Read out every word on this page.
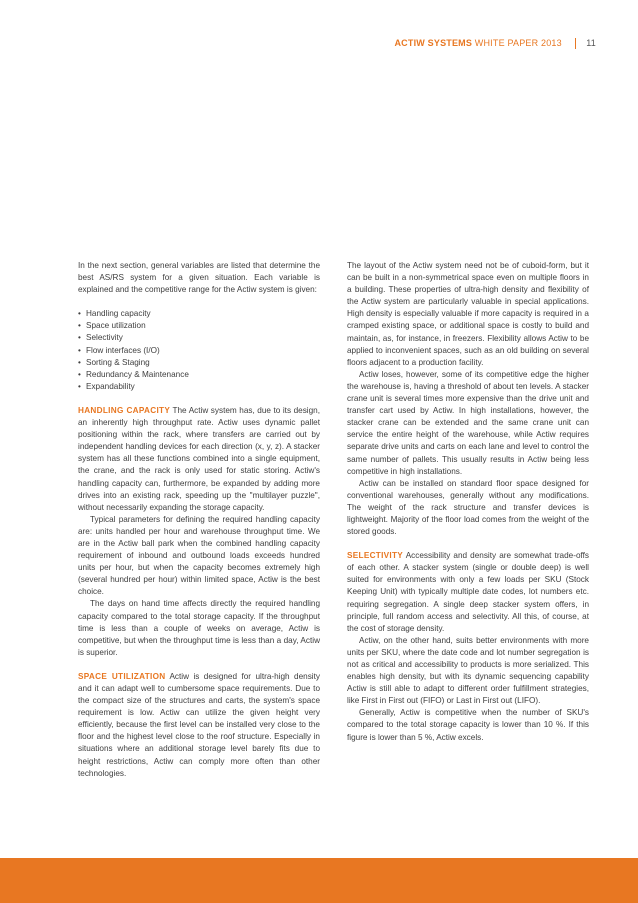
ACTIW SYSTEMS WHITE PAPER 2013	11

In the next section, general variables are listed that determine the best AS/RS system for a given situation. Each variable is explained and the competitive range for the Actiw system is given:

• Handling capacity
• Space utilization
• Selectivity
• Flow interfaces (I/O)
• Sorting & Staging
• Redundancy & Maintenance
• Expandability

HANDLING CAPACITY The Actiw system has, due to its design, an inherently high throughput rate. Actiw uses dynamic pallet positioning within the rack, where transfers are carried out by independent handling devices for each direction (x, y, z). A stacker system has all these functions combined into a single equipment, the crane, and the rack is only used for static storing. Actiw's handling capacity can, furthermore, be expanded by adding more drives into an existing rack, speeding up the "multilayer puzzle", without necessarily expanding the storage capacity.

Typical parameters for defining the required handling capacity are: units handled per hour and warehouse throughput time. We are in the Actiw ball park when the combined handling capacity requirement of inbound and outbound loads exceeds hundred units per hour, but when the capacity becomes extremely high (several hundred per hour) within limited space, Actiw is the best choice.

The days on hand time affects directly the required handling capacity compared to the total storage capacity. If the throughput time is less than a couple of weeks on average, Actiw is competitive, but when the throughput time is less than a day, Actiw is superior.

SPACE UTILIZATION Actiw is designed for ultra-high density and it can adapt well to cumbersome space requirements. Due to the compact size of the structures and carts, the system's space requirement is low. Actiw can utilize the given height very efficiently, because the first level can be installed very close to the floor and the highest level close to the roof structure. Especially in situations where an additional storage level barely fits due to height restrictions, Actiw can comply more often than other technologies.

The layout of the Actiw system need not be of cuboid-form, but it can be built in a non-symmetrical space even on multiple floors in a building. These properties of ultra-high density and flexibility of the Actiw system are particularly valuable in special applications. High density is especially valuable if more capacity is required in a cramped existing space, or additional space is costly to build and maintain, as, for instance, in freezers. Flexibility allows Actiw to be applied to inconvenient spaces, such as an old building on several floors adjacent to a production facility.

Actiw loses, however, some of its competitive edge the higher the warehouse is, having a threshold of about ten levels. A stacker crane unit is several times more expensive than the drive unit and transfer cart used by Actiw. In high installations, however, the stacker crane can be extended and the same crane unit can service the entire height of the warehouse, while Actiw requires separate drive units and carts on each lane and level to control the same number of pallets. This usually results in Actiw being less competitive in high installations.

Actiw can be installed on standard floor space designed for conventional warehouses, generally without any modifications. The weight of the rack structure and transfer devices is lightweight. Majority of the floor load comes from the weight of the stored goods.

SELECTIVITY Accessibility and density are somewhat trade-offs of each other. A stacker system (single or double deep) is well suited for environments with only a few loads per SKU (Stock Keeping Unit) with typically multiple date codes, lot numbers etc. requiring segregation. A single deep stacker system offers, in principle, full random access and selectivity. All this, of course, at the cost of storage density.

Actiw, on the other hand, suits better environments with more units per SKU, where the date code and lot number segregation is not as critical and accessibility to products is more serialized. This enables high density, but with its dynamic sequencing capability Actiw is still able to adapt to different order fulfillment strategies, like First in First out (FIFO) or Last in First out (LIFO).

Generally, Actiw is competitive when the number of SKU's compared to the total storage capacity is lower than 10 %. If this figure is lower than 5 %, Actiw excels.
